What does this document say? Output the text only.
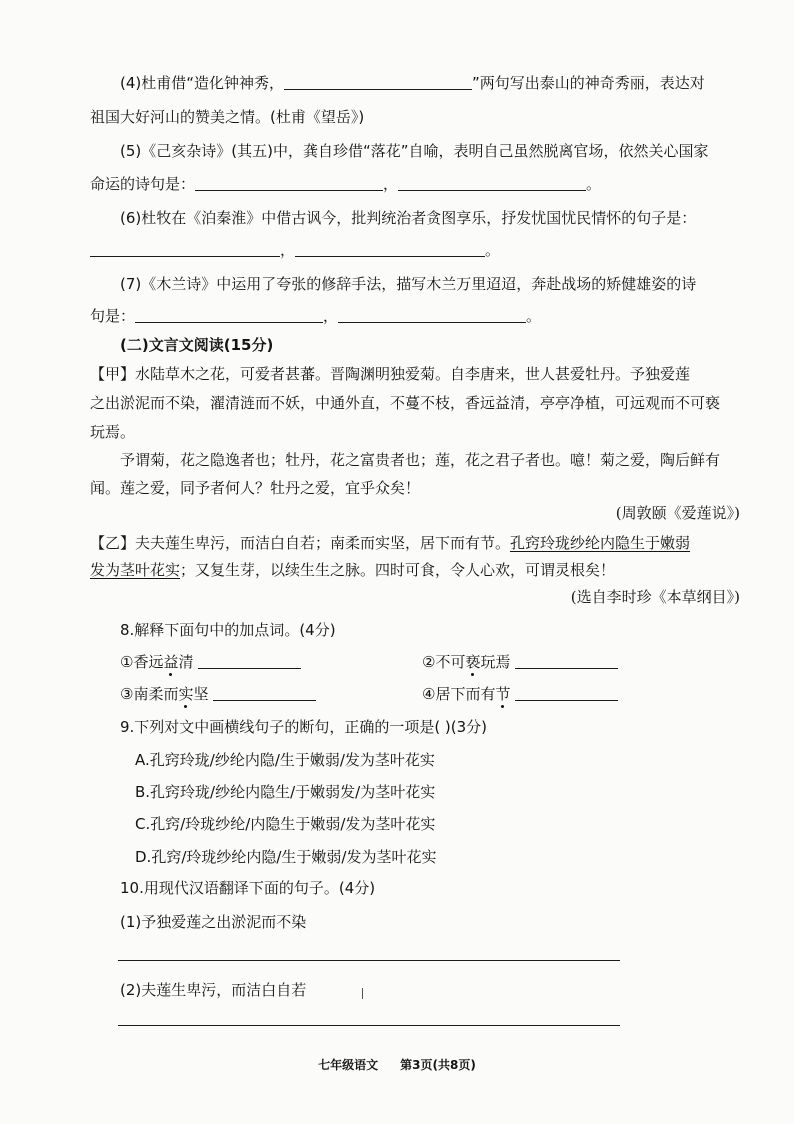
(4)杜甫借“造化钟神秀，	”两句写出泰山的神奇秀丽，表达对
祖国大好河山的赞美之情。(杜甫《望岳》)
(5)《己亥杂诗》(其五)中，龚自珍借“落花”自喻，表明自己虽然脱离官场，依然关心国家
命运的诗句是：	，	。
(6)杜牧在《泊秦淮》中借古讽今，批判统治者贪图享乐，抒发忧国忧民情怀的句子是：
，	。
(7)《木兰诗》中运用了夸张的修辞手法，描写木兰万里迢迢，奔赴战场的矫健雄姿的诗
句是：	，	。
(二)文言文阅读(15分)
【甲】水陆草木之花，可爱者甚蕃。晋陶渊明独爱菊。自李唐来，世人甚爱牡丹。予独爱莲
之出淤泥而不染，濯清涟而不妖，中通外直，不蔓不枝，香远益清，亭亭净植，可远观而不可亵
玩焉。
予谓菊，花之隐逸者也；牡丹，花之富贵者也；莲，花之君子者也。噫！菊之爱，陶后鲜有
闻。莲之爱，同予者何人？牡丹之爱，宜乎众矣！
(周敦颐《爱莲说》)
【乙】夫夫莲生卑污，而洁白自若；南柔而实坚，居下而有节。孔窍玲珑纱纶内隐生于嫩弱
发为茎叶花实；又复生芽，以续生生之脉。四时可食，令人心欢，可谓灵根矣！
(选自李时珍《本草纲目》)
8.解释下面句中的加点词。(4分)
①香远益清	②不可亵玩焉
③南柔而实坚	④居下而有节
9.下列对文中画横线句子的断句，正确的一项是( )(3分)
A.孔窍玲珑/纱纶内隐/生于嫩弱/发为茎叶花实
B.孔窍玲珑/纱纶内隐生/于嫩弱发/为茎叶花实
C.孔窍/玲珑纱纶/内隐生于嫩弱/发为茎叶花实
D.孔窍/玲珑纱纶内隐/生于嫩弱/发为茎叶花实
10.用现代汉语翻译下面的句子。(4分)
(1)予独爱莲之出淤泥而不染
(2)夫莲生卑污，而洁白自若
七年级语文 第3页(共8页)
